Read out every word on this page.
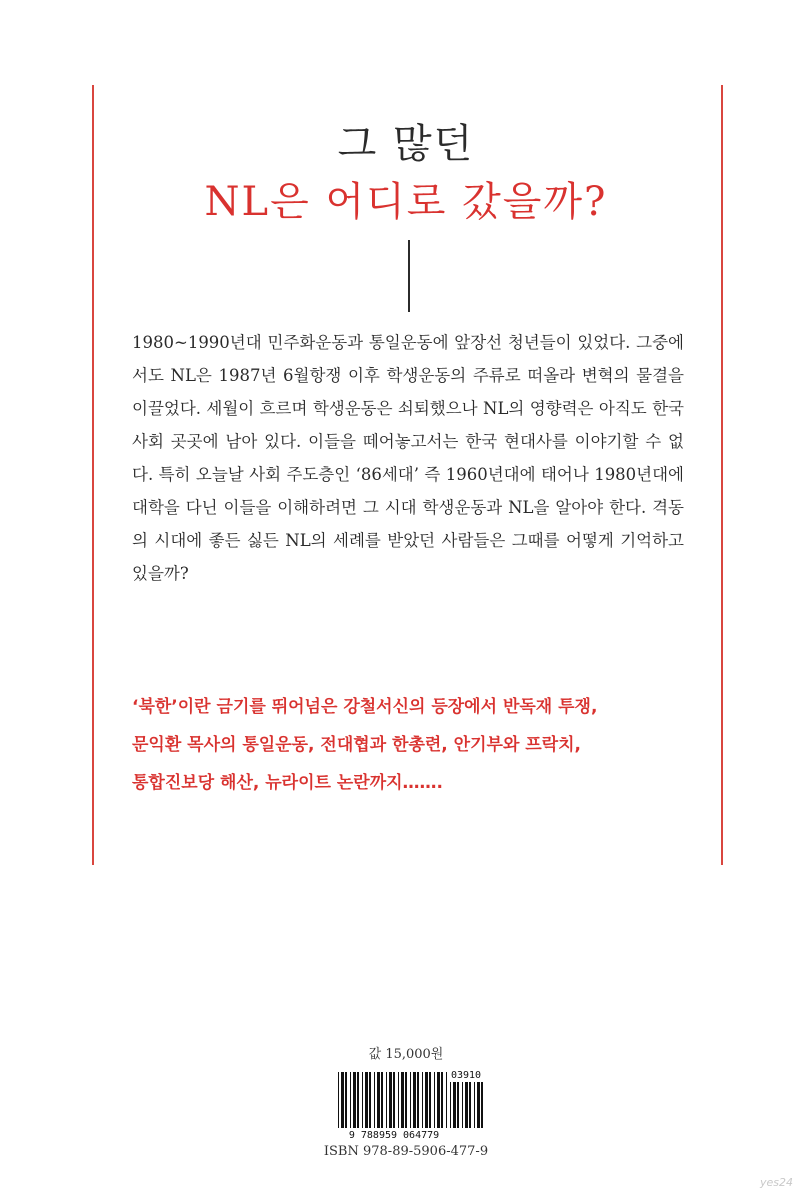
그 많던
NL은 어디로 갔을까?

1980~1990년대 민주화운동과 통일운동에 앞장선 청년들이 있었다. 그중에서도 NL은 1987년 6월항쟁 이후 학생운동의 주류로 떠올라 변혁의 물결을 이끌었다. 세월이 흐르며 학생운동은 쇠퇴했으나 NL의 영향력은 아직도 한국 사회 곳곳에 남아 있다. 이들을 떼어놓고서는 한국 현대사를 이야기할 수 없다. 특히 오늘날 사회 주도층인 ‘86세대’ 즉 1960년대에 태어나 1980년대에 대학을 다닌 이들을 이해하려면 그 시대 학생운동과 NL을 알아야 한다. 격동의 시대에 좋든 싫든 NL의 세례를 받았던 사람들은 그때를 어떻게 기억하고 있을까?

‘북한’이란 금기를 뛰어넘은 강철서신의 등장에서 반독재 투쟁,
문익환 목사의 통일운동, 전대협과 한총련, 안기부와 프락치,
통합진보당 해산, 뉴라이트 논란까지…….
값 15,000원
9 788959 064779
03910
ISBN 978-89-5906-477-9
yes24
